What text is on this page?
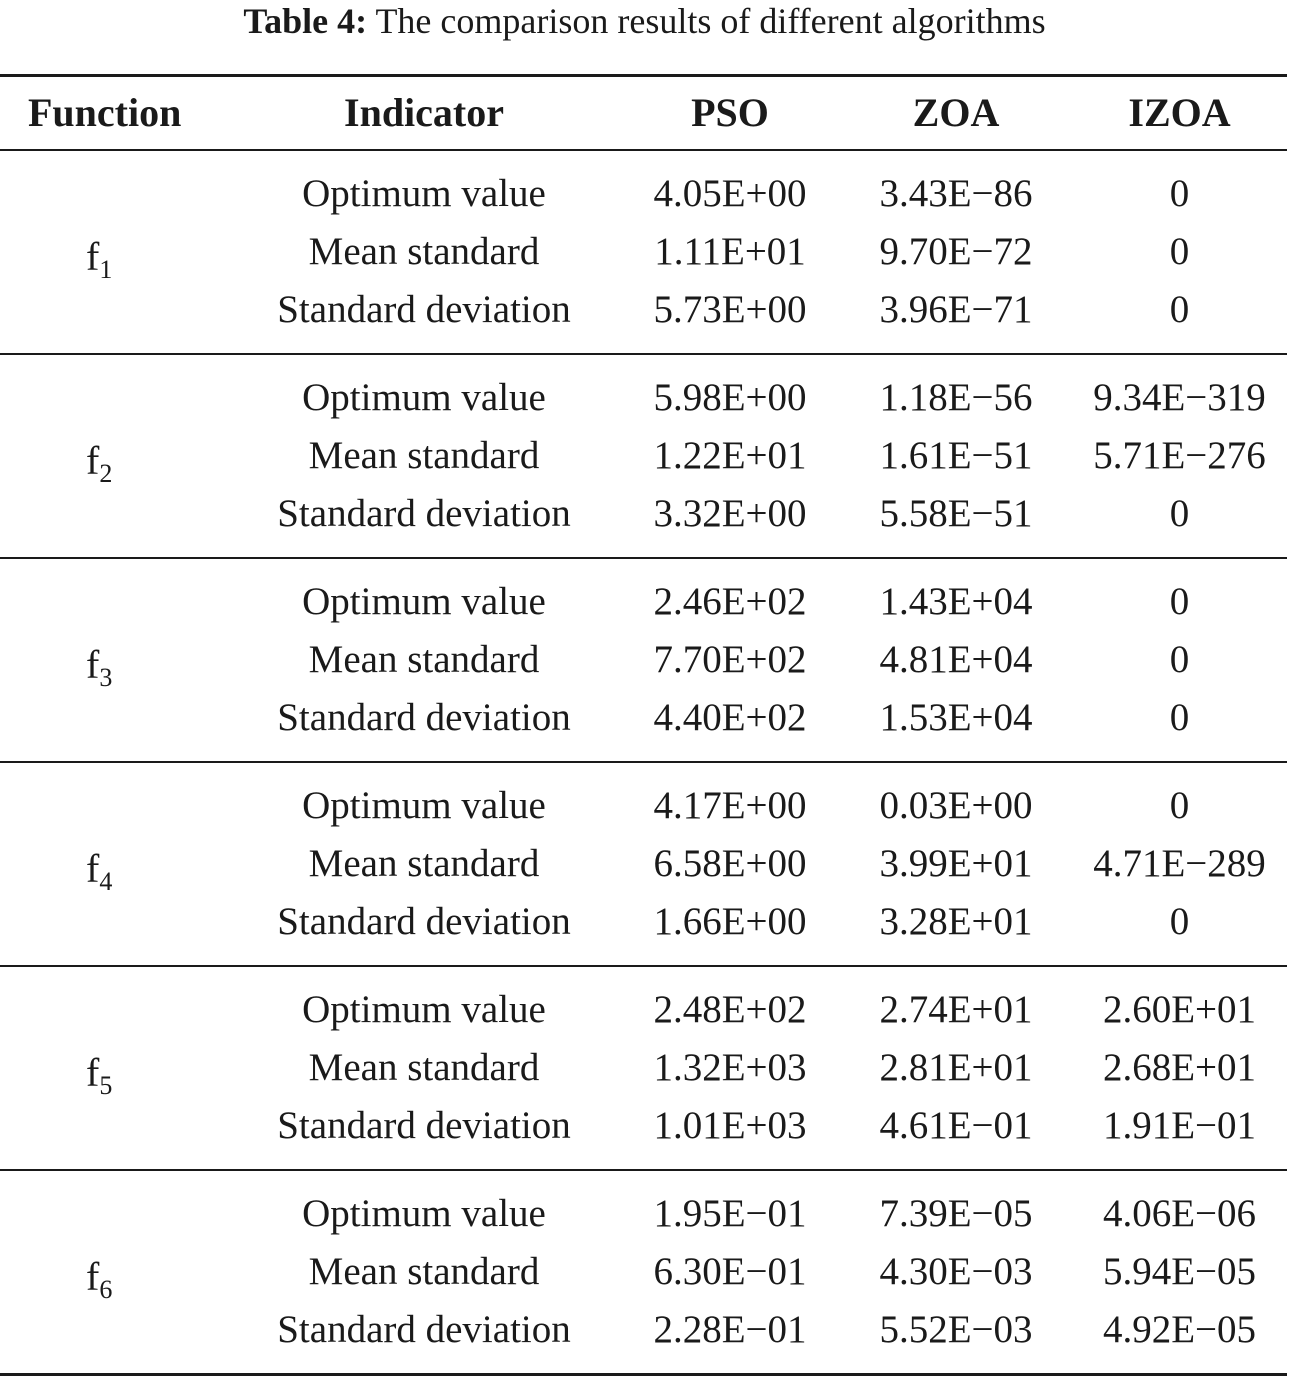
Table 4: The comparison results of different algorithms
Function	Indicator	PSO	ZOA	IZOA
$f_1$	Optimum value	4.05E+00	3.43E−86	0
	Mean standard	1.11E+01	9.70E−72	0
	Standard deviation	5.73E+00	3.96E−71	0
$f_2$	Optimum value	5.98E+00	1.18E−56	9.34E−319
	Mean standard	1.22E+01	1.61E−51	5.71E−276
	Standard deviation	3.32E+00	5.58E−51	0
$f_3$	Optimum value	2.46E+02	1.43E+04	0
	Mean standard	7.70E+02	4.81E+04	0
	Standard deviation	4.40E+02	1.53E+04	0
$f_4$	Optimum value	4.17E+00	0.03E+00	0
	Mean standard	6.58E+00	3.99E+01	4.71E−289
	Standard deviation	1.66E+00	3.28E+01	0
$f_5$	Optimum value	2.48E+02	2.74E+01	2.60E+01
	Mean standard	1.32E+03	2.81E+01	2.68E+01
	Standard deviation	1.01E+03	4.61E−01	1.91E−01
$f_6$	Optimum value	1.95E−01	7.39E−05	4.06E−06
	Mean standard	6.30E−01	4.30E−03	5.94E−05
	Standard deviation	2.28E−01	5.52E−03	4.92E−05
